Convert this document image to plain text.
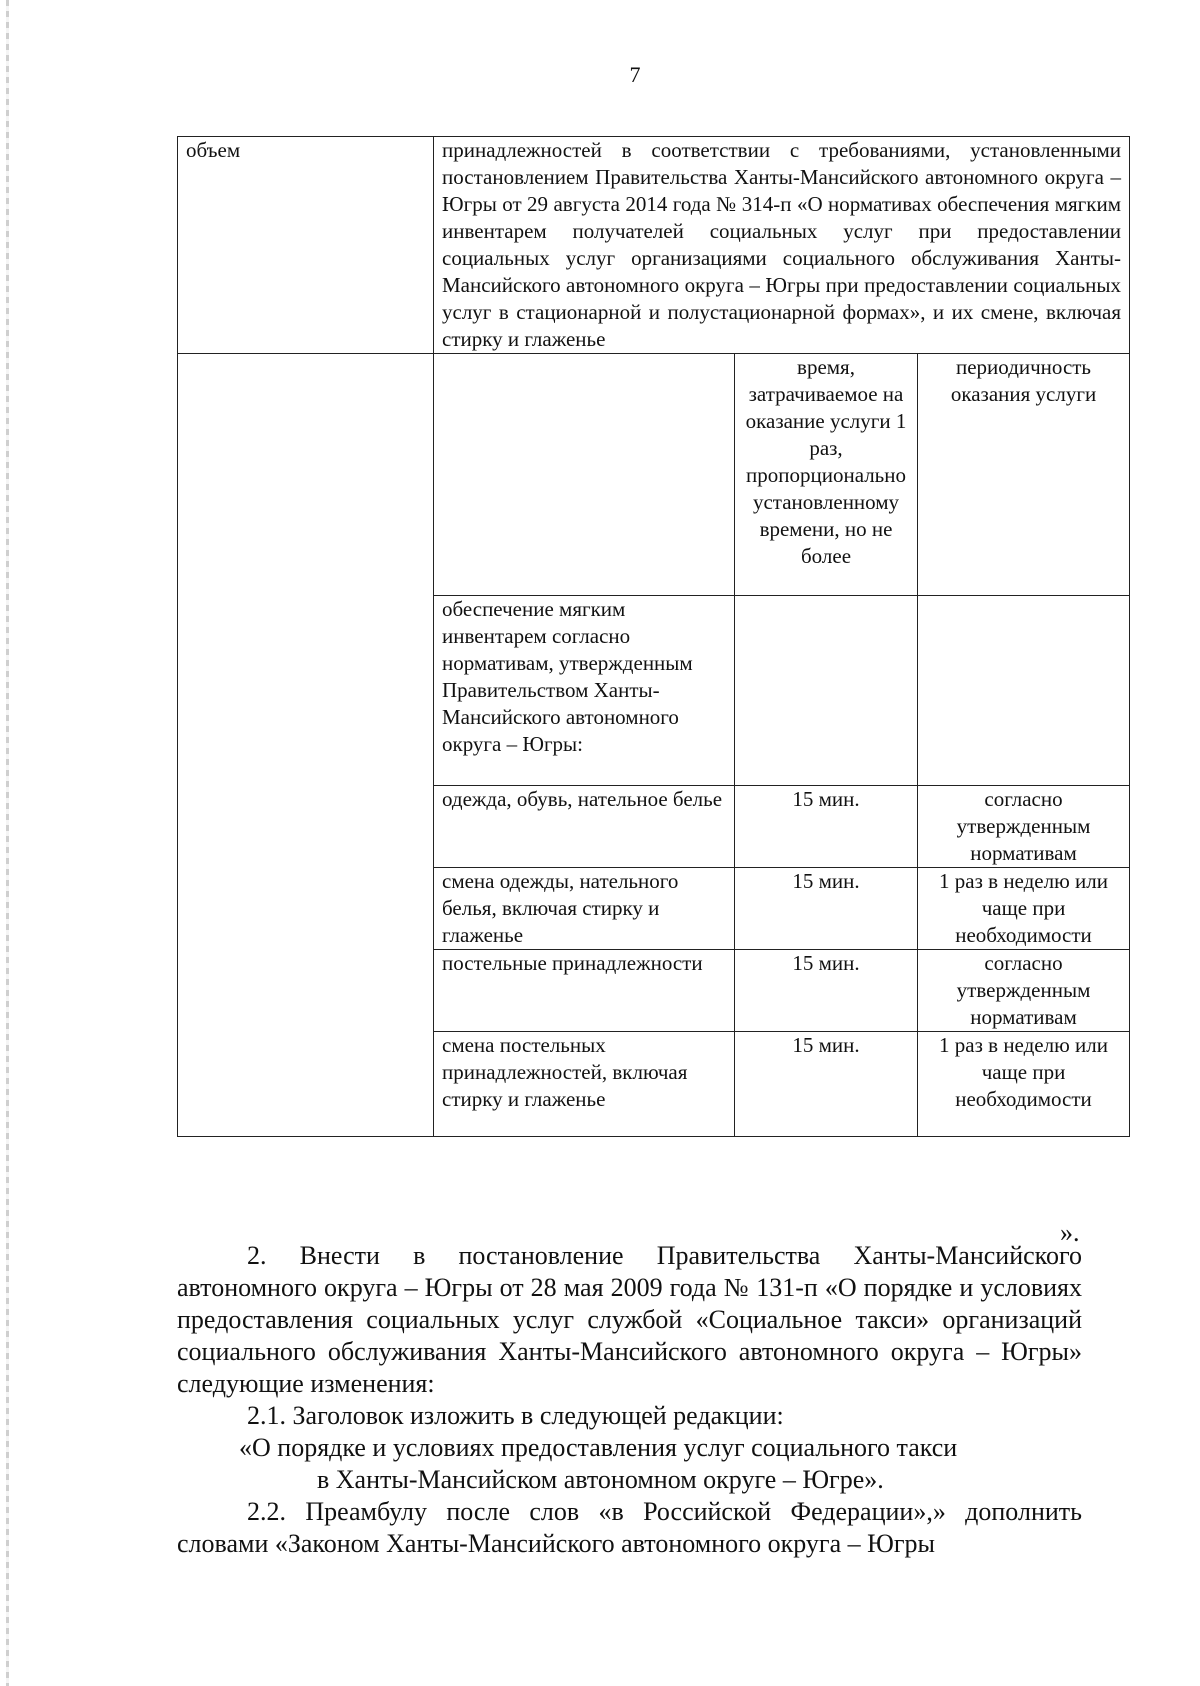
7
объем	принадлежностей в соответствии с требованиями, установленными постановлением Правительства Ханты-Мансийского автономного округа – Югры от 29 августа 2014 года № 314-п «О нормативах обеспечения мягким инвентарем получателей социальных услуг при предоставлении социальных услуг организациями социального обслуживания Ханты-Мансийского автономного округа – Югры при предоставлении социальных услуг в стационарной и полустационарной формах», и их смене, включая стирку и глаженье		
		время, затрачиваемое на оказание услуги 1 раз, пропорционально установленному времени, но не более	периодичность оказания услуги
	обеспечение мягким инвентарем согласно нормативам, утвержденным Правительством Ханты-Мансийского автономного округа – Югры:		
	одежда, обувь, нательное белье	15 мин.	согласно утвержденным нормативам
	смена одежды, нательного белья, включая стирку и глаженье	15 мин.	1 раз в неделю или чаще при необходимости
	постельные принадлежности	15 мин.	согласно утвержденным нормативам
	смена постельных принадлежностей, включая стирку и глаженье	15 мин.	1 раз в неделю или чаще при необходимости
».

2. Внести в постановление Правительства Ханты-Мансийского автономного округа – Югры от 28 мая 2009 года № 131-п «О порядке и условиях предоставления социальных услуг службой «Социальное такси» организаций социального обслуживания Ханты-Мансийского автономного округа – Югры» следующие изменения:

2.1. Заголовок изложить в следующей редакции:

«О порядке и условиях предоставления услуг социального такси

в Ханты-Мансийском автономном округе – Югре».

2.2. Преамбулу после слов «в Российской Федерации»,» дополнить словами «Законом Ханты-Мансийского автономного округа – Югры
